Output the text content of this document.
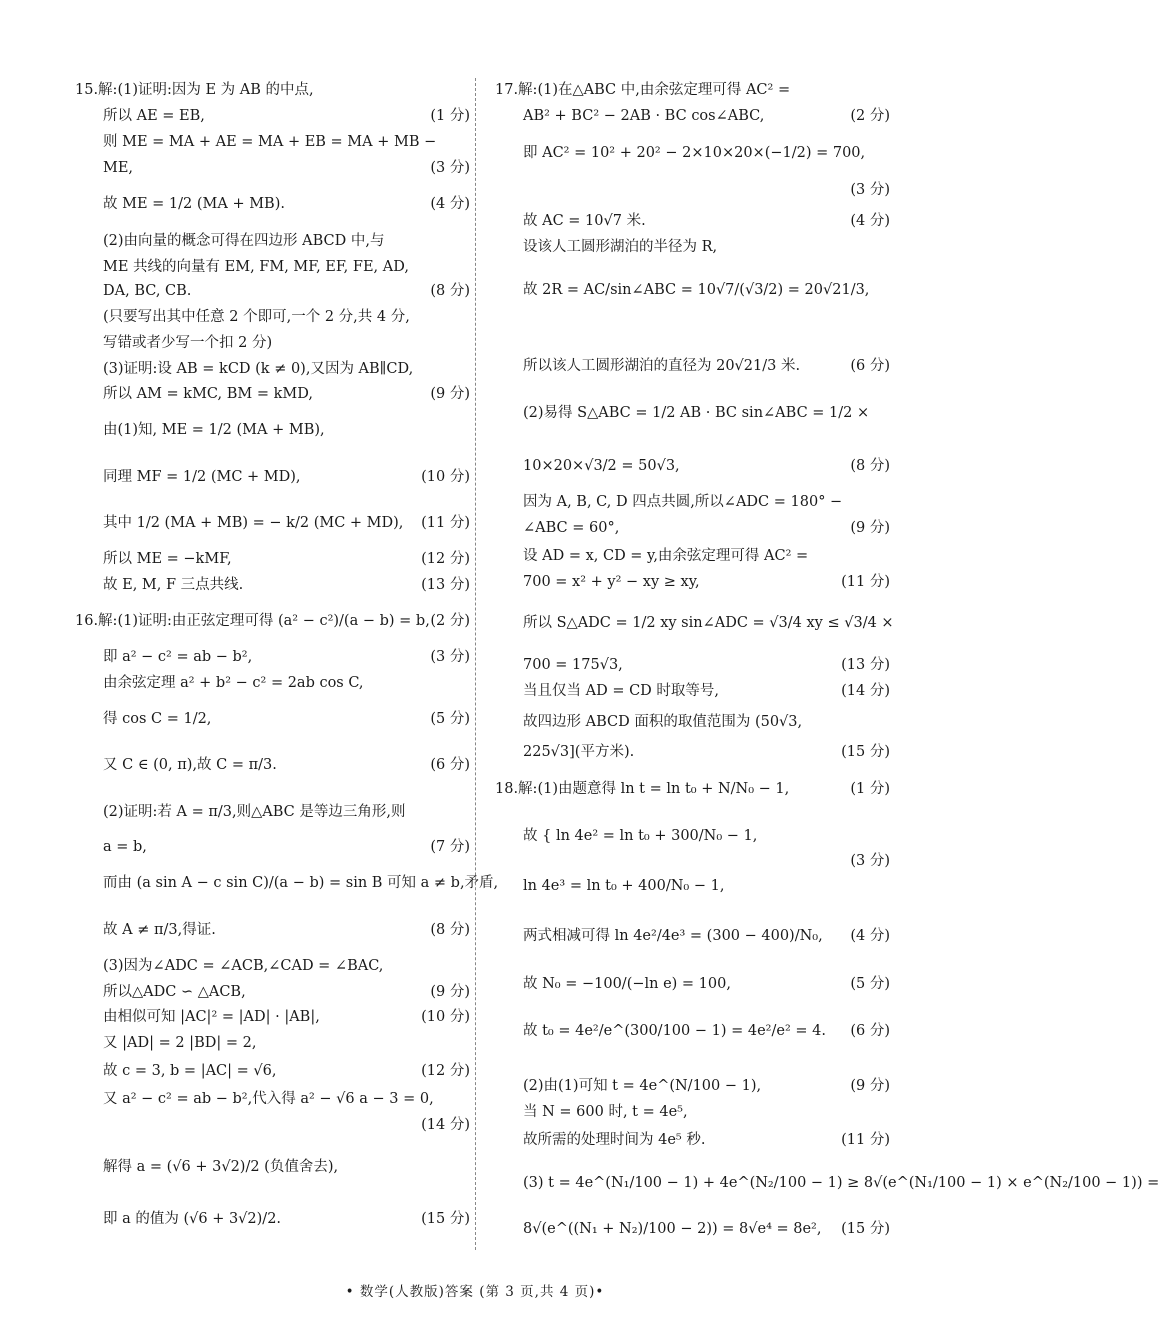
15.解:(1)证明:因为 E 为 AB 的中点,
所以 AE = EB,	(1 分)
则 ME = MA + AE = MA + EB = MA + MB −
ME,	(3 分)
故 ME = 1/2 (MA + MB).	(4 分)
(2)由向量的概念可得在四边形 ABCD 中,与
ME 共线的向量有 EM, FM, MF, EF, FE, AD,
DA, BC, CB.	(8 分)
(只要写出其中任意 2 个即可,一个 2 分,共 4 分,
写错或者少写一个扣 2 分)
(3)证明:设 AB = kCD (k ≠ 0),又因为 AB∥CD,
所以 AM = kMC, BM = kMD,	(9 分)
由(1)知, ME = 1/2 (MA + MB),
同理 MF = 1/2 (MC + MD),	(10 分)
其中 1/2 (MA + MB) = − k/2 (MC + MD), (11 分)
所以 ME = −kMF,	(12 分)
故 E, M, F 三点共线.	(13 分)
16.解:(1)证明:由正弦定理可得 (a² − c²)/(a − b) = b, (2 分)
即 a² − c² = ab − b²,	(3 分)
由余弦定理 a² + b² − c² = 2ab cos C,
得 cos C = 1/2,	(5 分)
又 C ∈ (0, π),故 C = π/3.	(6 分)
(2)证明:若 A = π/3,则△ABC 是等边三角形,则
a = b,	(7 分)
而由 (a sin A − c sin C)/(a − b) = sin B 可知 a ≠ b,矛盾,
故 A ≠ π/3,得证.	(8 分)
(3)因为∠ADC = ∠ACB,∠CAD = ∠BAC,
所以△ADC ∽ △ACB,	(9 分)
由相似可知 |AC|² = |AD| · |AB|,	(10 分)
又 |AD| = 2 |BD| = 2,
故 c = 3, b = |AC| = √6,	(12 分)
又 a² − c² = ab − b²,代入得 a² − √6 a − 3 = 0,
(14 分)
解得 a = (√6 + 3√2)/2 (负值舍去),
即 a 的值为 (√6 + 3√2)/2.	(15 分)
17.解:(1)在△ABC 中,由余弦定理可得 AC² =
AB² + BC² − 2AB · BC cos∠ABC,	(2 分)
即 AC² = 10² + 20² − 2×10×20×(−1/2) = 700,
(3 分)
故 AC = 10√7 米.	(4 分)
设该人工圆形湖泊的半径为 R,
故 2R = AC/sin∠ABC = 10√7/(√3/2) = 20√21/3,
所以该人工圆形湖泊的直径为 20√21/3 米.	(6 分)
(2)易得 S△ABC = 1/2 AB · BC sin∠ABC = 1/2 ×
10×20×√3/2 = 50√3,	(8 分)
因为 A, B, C, D 四点共圆,所以∠ADC = 180° −
∠ABC = 60°,	(9 分)
设 AD = x, CD = y,由余弦定理可得 AC² =
700 = x² + y² − xy ≥ xy,	(11 分)
所以 S△ADC = 1/2 xy sin∠ADC = √3/4 xy ≤ √3/4 ×
700 = 175√3,	(13 分)
当且仅当 AD = CD 时取等号,	(14 分)
故四边形 ABCD 面积的取值范围为 (50√3,
225√3](平方米).	(15 分)
18.解:(1)由题意得 ln t = ln t₀ + N/N₀ − 1,	(1 分)
故 { ln 4e² = ln t₀ + 300/N₀ − 1,
(3 分)
ln 4e³ = ln t₀ + 400/N₀ − 1,
两式相减可得 ln 4e²/4e³ = (300 − 400)/N₀, (4 分)
故 N₀ = −100/(−ln e) = 100,	(5 分)
故 t₀ = 4e²/e^(300/100 − 1) = 4e²/e² = 4. (6 分)
(2)由(1)可知 t = 4e^(N/100 − 1),	(9 分)
当 N = 600 时, t = 4e⁵,
故所需的处理时间为 4e⁵ 秒.	(11 分)
(3) t = 4e^(N₁/100 − 1) + 4e^(N₂/100 − 1) ≥ 8√(e^(N₁/100 − 1) × e^(N₂/100 − 1)) =
8√(e^((N₁ + N₂)/100 − 2)) = 8√e⁴ = 8e², (15 分)
• 数学(人教版)答案 (第 3 页,共 4 页)•
